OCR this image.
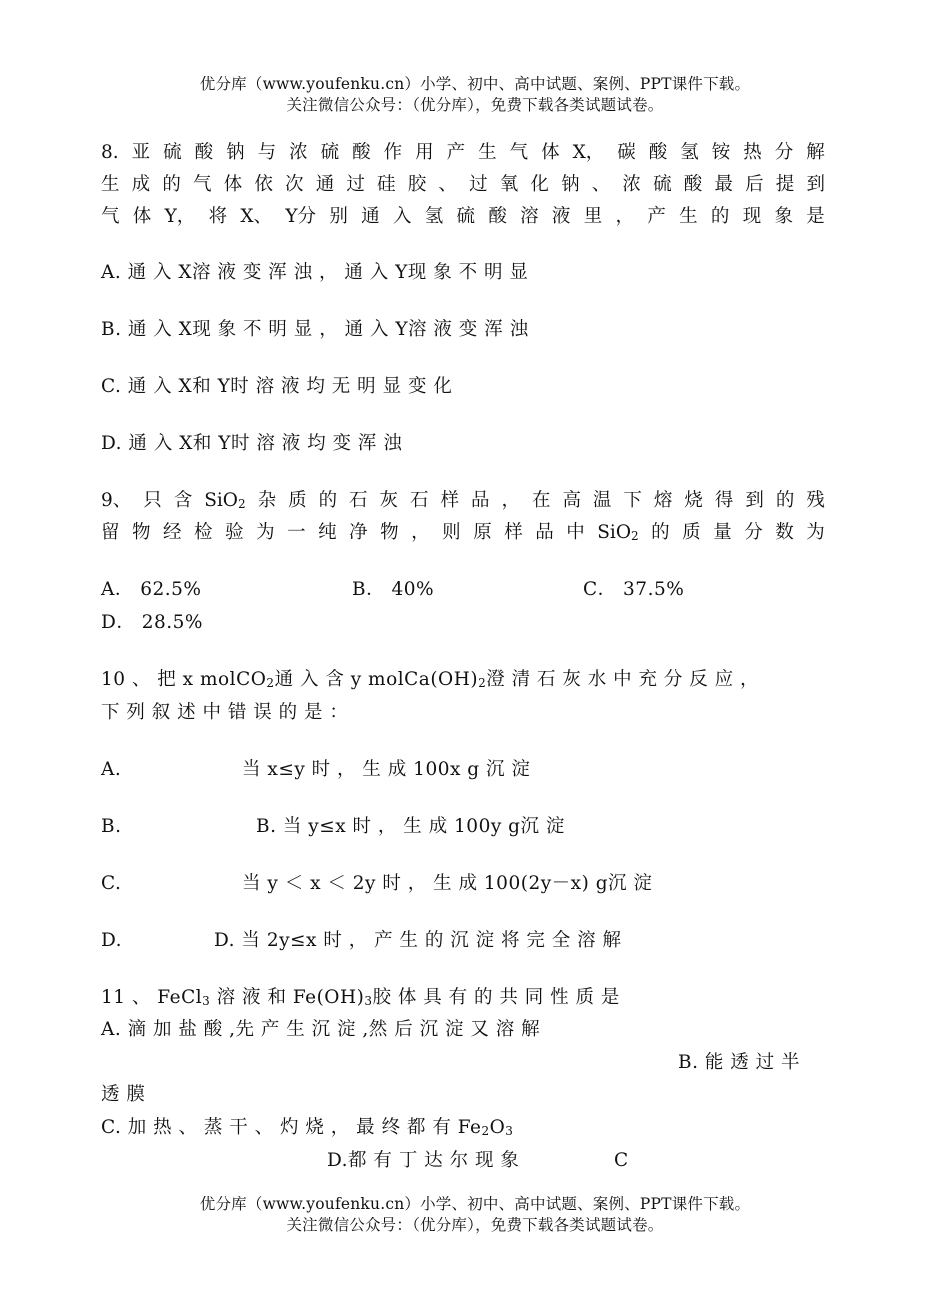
优分库（www.youfenku.cn）小学、初中、高中试题、案例、PPT课件下载。
关注微信公众号：（优分库），免费下载各类试题试卷。
8. 亚 硫 酸 钠 与 浓 硫 酸 作 用 产 生 气 体 X， 碳 酸 氢 铵 热 分 解
生 成 的 气 体 依 次 通 过 硅 胶 、 过 氧 化 钠 、 浓 硫 酸 最 后 提 到
气 体 Y， 将 X、 Y分 别 通 入 氢 硫 酸 溶 液 里 ， 产 生 的 现 象 是
A. 通 入 X溶 液 变 浑 浊 ， 通 入 Y现 象 不 明 显
B. 通 入 X现 象 不 明 显 ， 通 入 Y溶 液 变 浑 浊
C. 通 入 X和 Y时 溶 液 均 无 明 显 变 化
D. 通 入 X和 Y时 溶 液 均 变 浑 浊
9、 只 含 SiO$_2$ 杂 质 的 石 灰 石 样 品 ， 在 高 温 下 熔 烧 得 到 的 残
留 物 经 检 验 为 一 纯 净 物 ， 则 原 样 品 中 SiO$_2$ 的 质 量 分 数 为
A． 62.5%	B． 40%	C． 37.5%
D． 28.5%
10 、 把 x molCO$_2$通 入 含 y $molCa(OH)_2$澄 清 石 灰 水 中 充 分 反 应 ，
下 列 叙 述 中 错 误 的 是 ：
A.	当 x≤y 时 ， 生 成 100x g 沉 淀
B.	B. 当 y≤x 时 ， 生 成 100y g沉 淀
C.	当 y ＜ x ＜ 2y 时 ， 生 成 100(2y－x) g沉 淀
D.	D. 当 2y≤x 时 ， 产 生 的 沉 淀 将 完 全 溶 解
11 、 FeCl$_3$ 溶 液 和 $Fe(OH)_3$胶 体 具 有 的 共 同 性 质 是
A. 滴 加 盐 酸 ,先 产 生 沉 淀 ,然 后 沉 淀 又 溶 解
B. 能 透 过 半
透 膜
C. 加 热 、 蒸 干 、 灼 烧 ， 最 终 都 有 $Fe_2O_3$
D.都 有 丁 达 尔 现 象	C
优分库（www.youfenku.cn）小学、初中、高中试题、案例、PPT课件下载。
关注微信公众号：（优分库），免费下载各类试题试卷。
